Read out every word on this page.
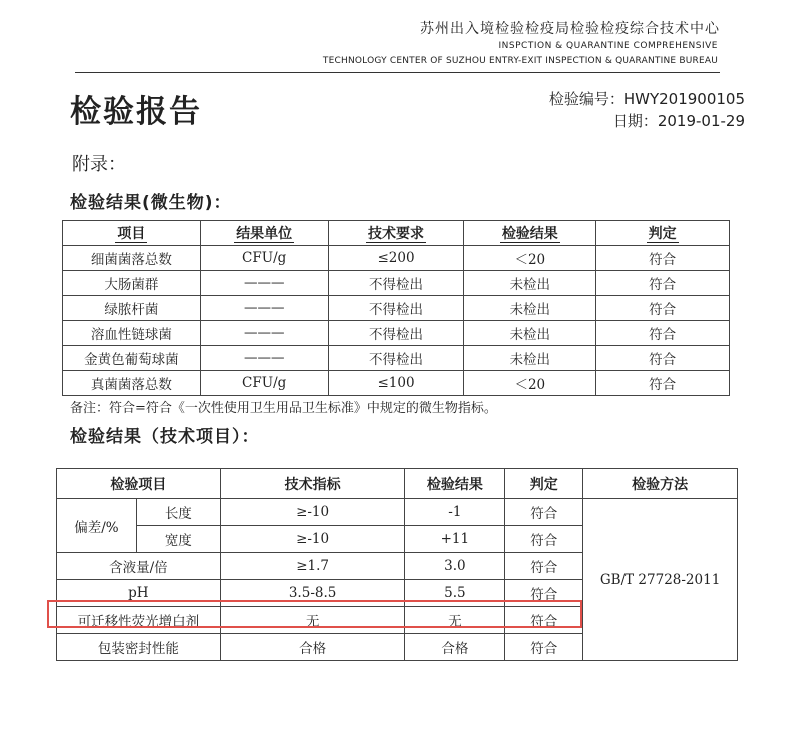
苏州出入境检验检疫局检验检疫综合技术中心
INSPCTION & QUARANTINE COMPREHENSIVE
TECHNOLOGY CENTER OF SUZHOU ENTRY-EXIT INSPECTION & QUARANTINE BUREAU
检验报告	检验编号：HWY201900105
日期：2019-01-29
附录：
检验结果(微生物)：
项目	结果单位	技术要求	检验结果	判定
细菌菌落总数	CFU/g	≤200	＜20	符合
大肠菌群	———	不得检出	未检出	符合
绿脓杆菌	———	不得检出	未检出	符合
溶血性链球菌	———	不得检出	未检出	符合
金黄色葡萄球菌	———	不得检出	未检出	符合
真菌菌落总数	CFU/g	≤100	＜20	符合
备注：符合=符合《一次性使用卫生用品卫生标准》中规定的微生物指标。
检验结果（技术项目）：
检验项目		技术指标	检验结果	判定	检验方法
偏差/%	长度	≥-10	-1	符合	GB/T 27728-2011
	宽度	≥-10	+11	符合	
含液量/倍		≥1.7	3.0	符合	
pH		3.5-8.5	5.5	符合	
可迁移性荧光增白剂		无	无	符合	
包装密封性能		合格	合格	符合	
